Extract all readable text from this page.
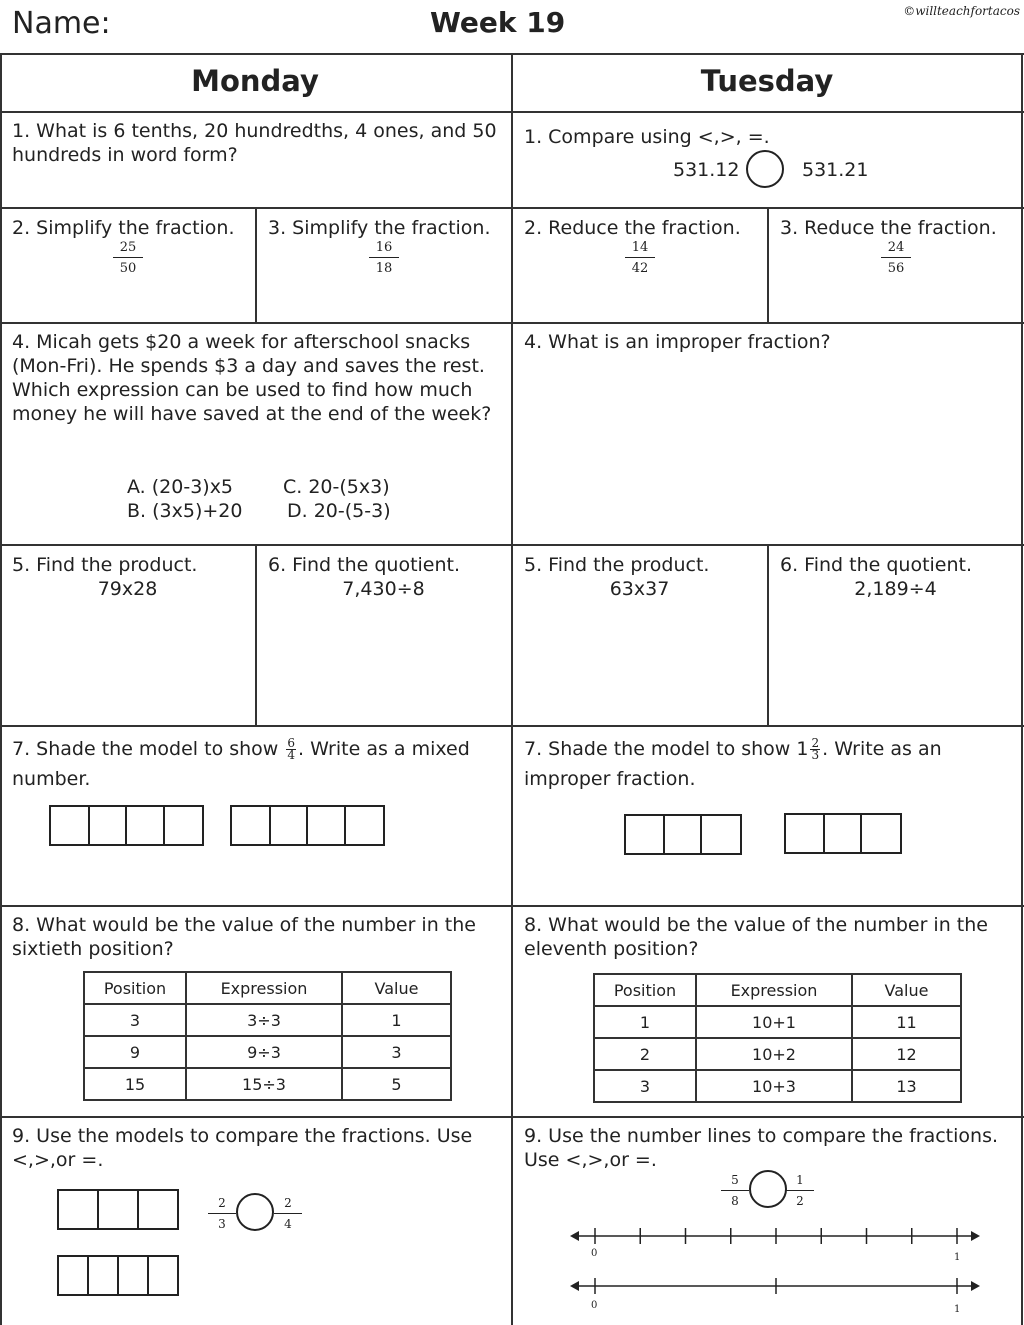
Name:	Week 19	©willteachfortacos
Monday	Tuesday
1. What is 6 tenths, 20 hundredths, 4 ones, and 50 hundreds in word form?
1. Compare using <,>, =.
531.12	531.21
2. Simplify the fraction.
$\frac{25}{50}$
3. Simplify the fraction.
$\frac{16}{18}$
2. Reduce the fraction.
$\frac{14}{42}$
3. Reduce the fraction.
$\frac{24}{56}$
4. Micah gets $20 a week for afterschool snacks (Mon-Fri). He spends $3 a day and saves the rest. Which expression can be used to find how much money he will have saved at the end of the week?
A. (20-3)x5
B. (3x5)+20
C. 20-(5x3)
D. 20-(5-3)
4. What is an improper fraction?
5. Find the product.
79x28
6. Find the quotient.
7,430÷8
5. Find the product.
63x37
6. Find the quotient.
2,189÷4
7. Shade the model to show $\frac{6}{4}$ . Write as a mixed
number.
7. Shade the model to show $1 \frac{2}{3}$ . Write as an
improper fraction.
8. What would be the value of the number in the sixtieth position?
Position	Expression	Value
3	3÷3	1
9	9÷3	3
15	15÷3	5
8. What would be the value of the number in the eleventh position?
Position	Expression	Value
1	10+1	11
2	10+2	12
3	10+3	13
9. Use the models to compare the fractions. Use <,>,or =.
$\frac{2}{3}$	$\frac{2}{4}$
9. Use the number lines to compare the fractions. Use <,>,or =.
$\frac{5}{8}$	$\frac{1}{2}$
0	1
0	1
